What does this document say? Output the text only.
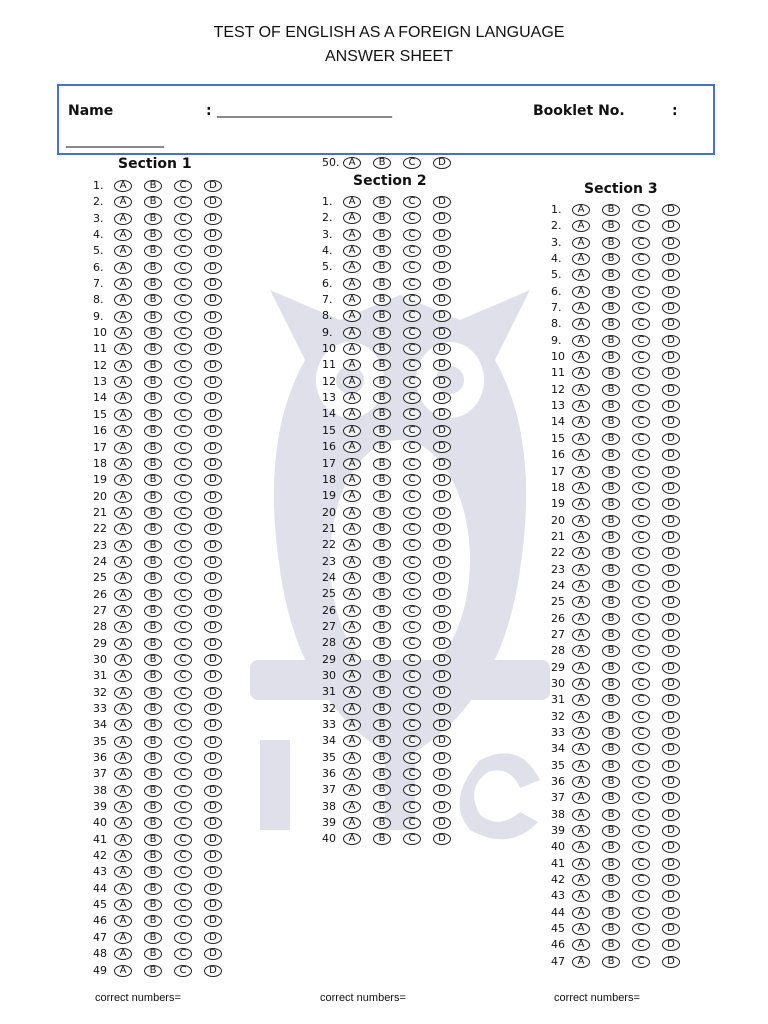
TEST OF ENGLISH AS A FOREIGN LANGUAGE
ANSWER SHEET
Name	: _________________________	Booklet No.	:
______________
Section 1
Section 2	Section 3
50. A	B	C	D
1.	A	B	C	D
2.	A	B	C	D
3.	A	B	C	D
4.	A	B	C	D
5.	A	B	C	D
6.	A	B	C	D
7.	A	B	C	D
8.	A	B	C	D
9.	A	B	C	D
10	A	B	C	D
11	A	B	C	D
12	A	B	C	D
13	A	B	C	D
14	A	B	C	D
15	A	B	C	D
16	A	B	C	D
17	A	B	C	D
18	A	B	C	D
19	A	B	C	D
20	A	B	C	D
21	A	B	C	D
22	A	B	C	D
23	A	B	C	D
24	A	B	C	D
25	A	B	C	D
26	A	B	C	D
27	A	B	C	D
28	A	B	C	D
29	A	B	C	D
30	A	B	C	D
31	A	B	C	D
32	A	B	C	D
33	A	B	C	D
34	A	B	C	D
35	A	B	C	D
36	A	B	C	D
37	A	B	C	D
38	A	B	C	D
39	A	B	C	D
40	A	B	C	D
41	A	B	C	D
42	A	B	C	D
43	A	B	C	D
44	A	B	C	D
45	A	B	C	D
46	A	B	C	D
47	A	B	C	D
48	A	B	C	D
49	A	B	C	D
1.	A	B	C	D
2.	A	B	C	D
3.	A	B	C	D
4.	A	B	C	D
5.	A	B	C	D
6.	A	B	C	D
7.	A	B	C	D
8.	A	B	C	D
9.	A	B	C	D
10	A	B	C	D
11	A	B	C	D
12	A	B	C	D
13	A	B	C	D
14	A	B	C	D
15	A	B	C	D
16	A	B	C	D
17	A	B	C	D
18	A	B	C	D
19	A	B	C	D
20	A	B	C	D
21	A	B	C	D
22	A	B	C	D
23	A	B	C	D
24	A	B	C	D
25	A	B	C	D
26	A	B	C	D
27	A	B	C	D
28	A	B	C	D
29	A	B	C	D
30	A	B	C	D
31	A	B	C	D
32	A	B	C	D
33	A	B	C	D
34	A	B	C	D
35	A	B	C	D
36	A	B	C	D
37	A	B	C	D
38	A	B	C	D
39	A	B	C	D
40	A	B	C	D
1.	A	B	C	D
2.	A	B	C	D
3.	A	B	C	D
4.	A	B	C	D
5.	A	B	C	D
6.	A	B	C	D
7.	A	B	C	D
8.	A	B	C	D
9.	A	B	C	D
10	A	B	C	D
11	A	B	C	D
12	A	B	C	D
13	A	B	C	D
14	A	B	C	D
15	A	B	C	D
16	A	B	C	D
17	A	B	C	D
18	A	B	C	D
19	A	B	C	D
20	A	B	C	D
21	A	B	C	D
22	A	B	C	D
23	A	B	C	D
24	A	B	C	D
25	A	B	C	D
26	A	B	C	D
27	A	B	C	D
28	A	B	C	D
29	A	B	C	D
30	A	B	C	D
31	A	B	C	D
32	A	B	C	D
33	A	B	C	D
34	A	B	C	D
35	A	B	C	D
36	A	B	C	D
37	A	B	C	D
38	A	B	C	D
39	A	B	C	D
40	A	B	C	D
41	A	B	C	D
42	A	B	C	D
43	A	B	C	D
44	A	B	C	D
45	A	B	C	D
46	A	B	C	D
47	A	B	C	D
correct numbers=	correct numbers=	correct numbers=
